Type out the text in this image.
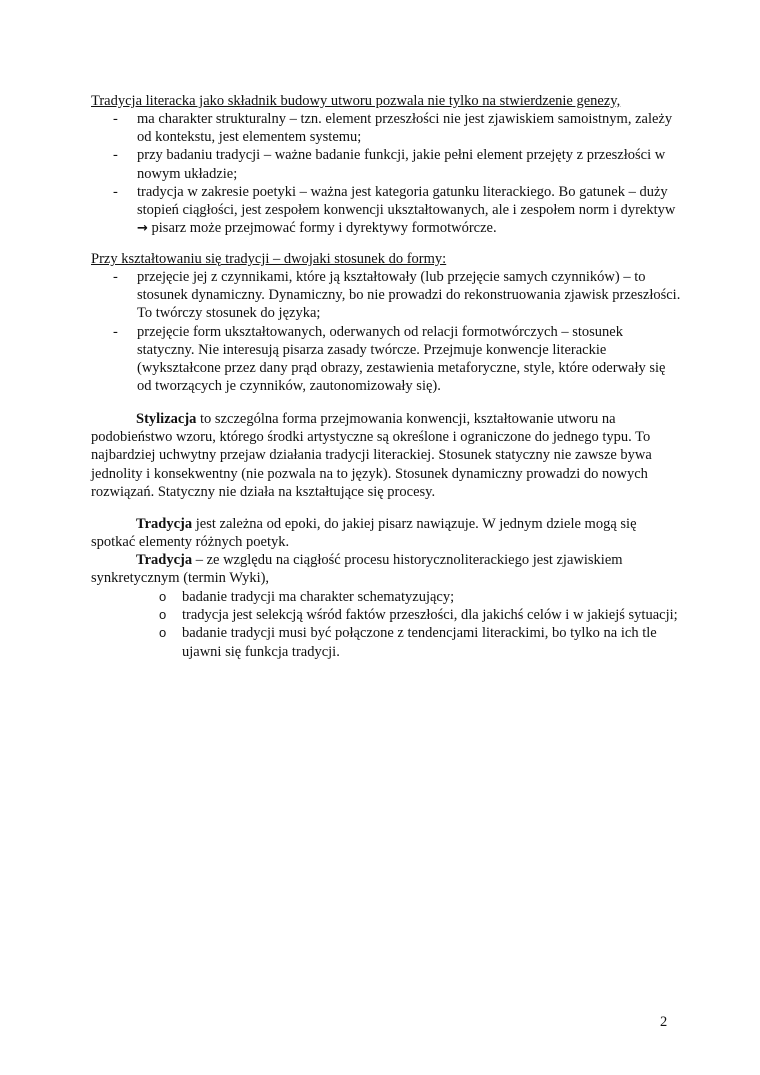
Tradycja literacka jako składnik budowy utworu pozwala nie tylko na stwierdzenie genezy,
- ma charakter strukturalny – tzn. element przeszłości nie jest zjawiskiem samoistnym, zależy od kontekstu, jest elementem systemu;
- przy badaniu tradycji – ważne badanie funkcji, jakie pełni element przejęty z przeszłości w nowym układzie;
- tradycja w zakresie poetyki – ważna jest kategoria gatunku literackiego. Bo gatunek – duży stopień ciągłości, jest zespołem konwencji ukształtowanych, ale i zespołem norm i dyrektyw → pisarz może przejmować formy i dyrektywy formotwórcze.
Przy kształtowaniu się tradycji – dwojaki stosunek do formy:
- przejęcie jej z czynnikami, które ją kształtowały (lub przejęcie samych czynników) – to stosunek dynamiczny. Dynamiczny, bo nie prowadzi do rekonstruowania zjawisk przeszłości. To twórczy stosunek do języka;
- przejęcie form ukształtowanych, oderwanych od relacji formotwórczych – stosunek statyczny. Nie interesują pisarza zasady twórcze. Przejmuje konwencje literackie (wykształcone przez dany prąd obrazy, zestawienia metaforyczne, style, które oderwały się od tworzących je czynników, zautonomizowały się).

Stylizacja to szczególna forma przejmowania konwencji, kształtowanie utworu na podobieństwo wzoru, którego środki artystyczne są określone i ograniczone do jednego typu. To najbardziej uchwytny przejaw działania tradycji literackiej. Stosunek statyczny nie zawsze bywa jednolity i konsekwentny (nie pozwala na to język). Stosunek dynamiczny prowadzi do nowych rozwiązań. Statyczny nie działa na kształtujące się procesy.

Tradycja jest zależna od epoki, do jakiej pisarz nawiązuje. W jednym dziele mogą się spotkać elementy różnych poetyk.

Tradycja – ze względu na ciągłość procesu historycznoliterackiego jest zjawiskiem synkretycznym (termin Wyki),

o badanie tradycji ma charakter schematyzujący;
o tradycja jest selekcją wśród faktów przeszłości, dla jakichś celów i w jakiejś sytuacji;
o badanie tradycji musi być połączone z tendencjami literackimi, bo tylko na ich tle ujawni się funkcja tradycji.
2
